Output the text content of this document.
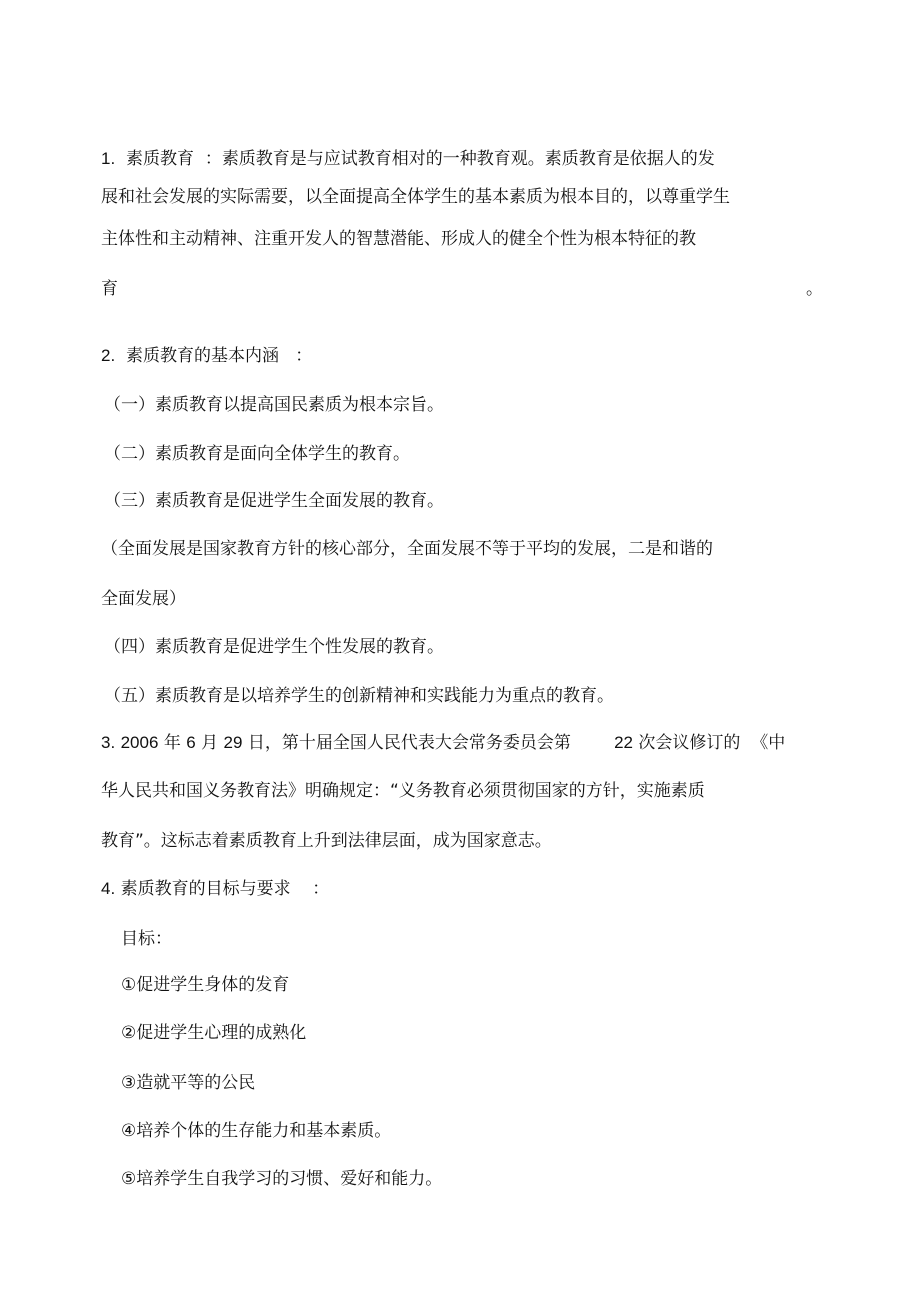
1. 素质教育 ：素质教育是与应试教育相对的一种教育观。素质教育是依据人的发
展和社会发展的实际需要，以全面提高全体学生的基本素质为根本目的，以尊重学生
主体性和主动精神、注重开发人的智慧潜能、形成人的健全个性为根本特征的教
育	。
2. 素质教育的基本内涵 ：
（一）素质教育以提高国民素质为根本宗旨。
（二）素质教育是面向全体学生的教育。
（三）素质教育是促进学生全面发展的教育。
（全面发展是国家教育方针的核心部分，全面发展不等于平均的发展，二是和谐的
全面发展）
（四）素质教育是促进学生个性发展的教育。
（五）素质教育是以培养学生的创新精神和实践能力为重点的教育。
3. 2006 年 6 月 29 日，第十届全国人民代表大会常务委员会第	22 次会议修订的 《中
华人民共和国义务教育法》明确规定：“义务教育必须贯彻国家的方针，实施素质
教育”。这标志着素质教育上升到法律层面，成为国家意志。
4. 素质教育的目标与要求 ：
目标：
①促进学生身体的发育
②促进学生心理的成熟化
③造就平等的公民
④培养个体的生存能力和基本素质。
⑤培养学生自我学习的习惯、爱好和能力。
